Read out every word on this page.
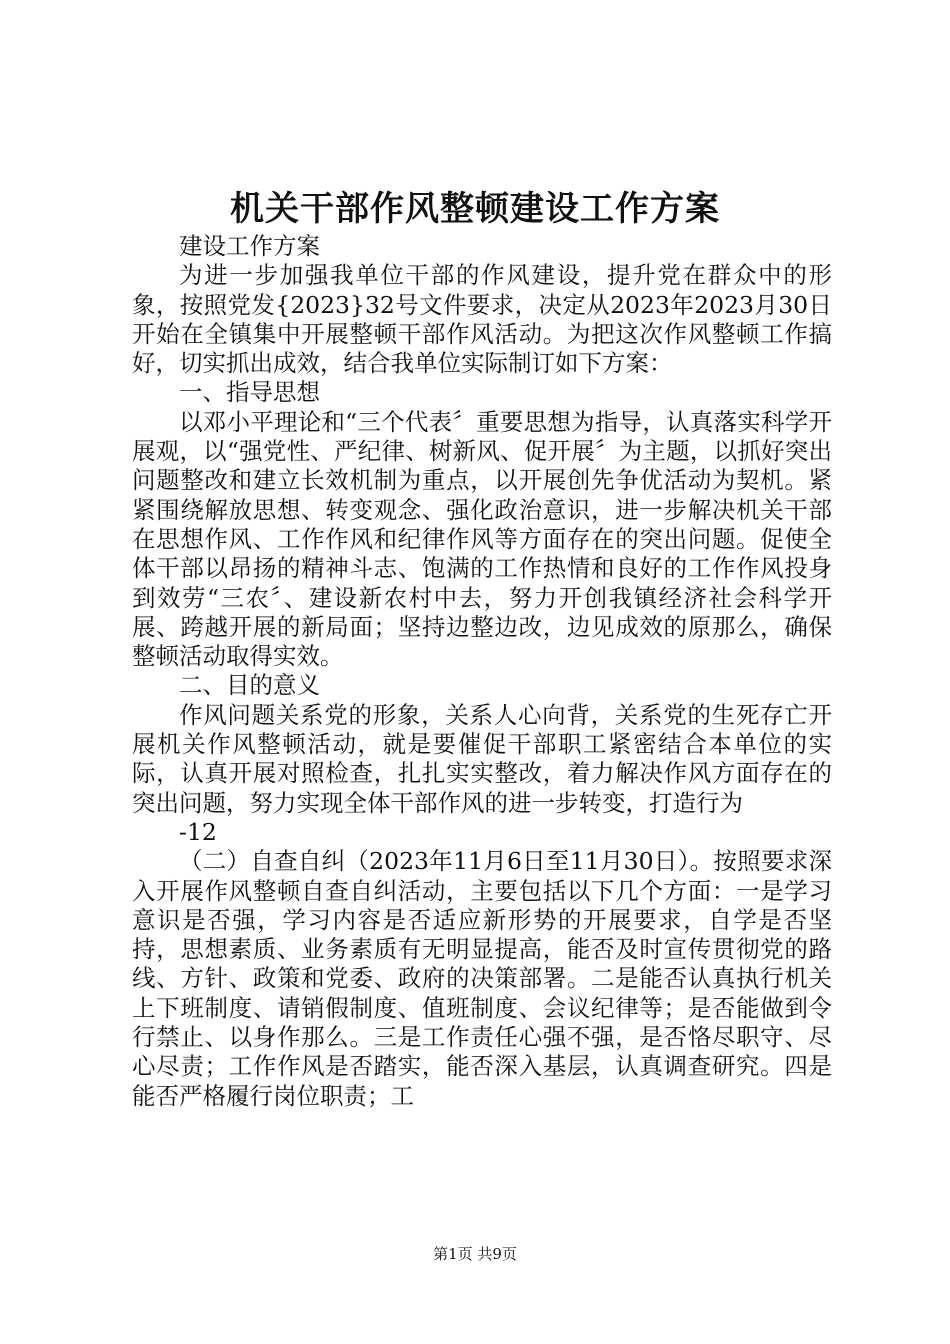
机关干部作风整顿建设工作方案

建设工作方案

为进一步加强我单位干部的作风建设，提升党在群众中的形象，按照党发{2023}32号文件要求，决定从2023年2023月30日开始在全镇集中开展整顿干部作风活动。为把这次作风整顿工作搞好，切实抓出成效，结合我单位实际制订如下方案：

一、指导思想

以邓小平理论和“三个代表〞重要思想为指导，认真落实科学开展观，以“强党性、严纪律、树新风、促开展〞为主题，以抓好突出问题整改和建立长效机制为重点，以开展创先争优活动为契机。紧紧围绕解放思想、转变观念、强化政治意识，进一步解决机关干部在思想作风、工作作风和纪律作风等方面存在的突出问题。促使全体干部以昂扬的精神斗志、饱满的工作热情和良好的工作作风投身到效劳“三农〞、建设新农村中去，努力开创我镇经济社会科学开展、跨越开展的新局面；坚持边整边改，边见成效的原那么，确保整顿活动取得实效。

二、目的意义

作风问题关系党的形象，关系人心向背，关系党的生死存亡开展机关作风整顿活动，就是要催促干部职工紧密结合本单位的实际，认真开展对照检查，扎扎实实整改，着力解决作风方面存在的突出问题，努力实现全体干部作风的进一步转变，打造行为

-12

（二）自查自纠（2023年11月6日至11月30日）。按照要求深入开展作风整顿自查自纠活动，主要包括以下几个方面：一是学习意识是否强，学习内容是否适应新形势的开展要求，自学是否坚持，思想素质、业务素质有无明显提高，能否及时宣传贯彻党的路线、方针、政策和党委、政府的决策部署。二是能否认真执行机关上下班制度、请销假制度、值班制度、会议纪律等；是否能做到令行禁止、以身作那么。三是工作责任心强不强，是否恪尽职守、尽心尽责；工作作风是否踏实，能否深入基层，认真调查研究。四是能否严格履行岗位职责；工

第1页 共9页
